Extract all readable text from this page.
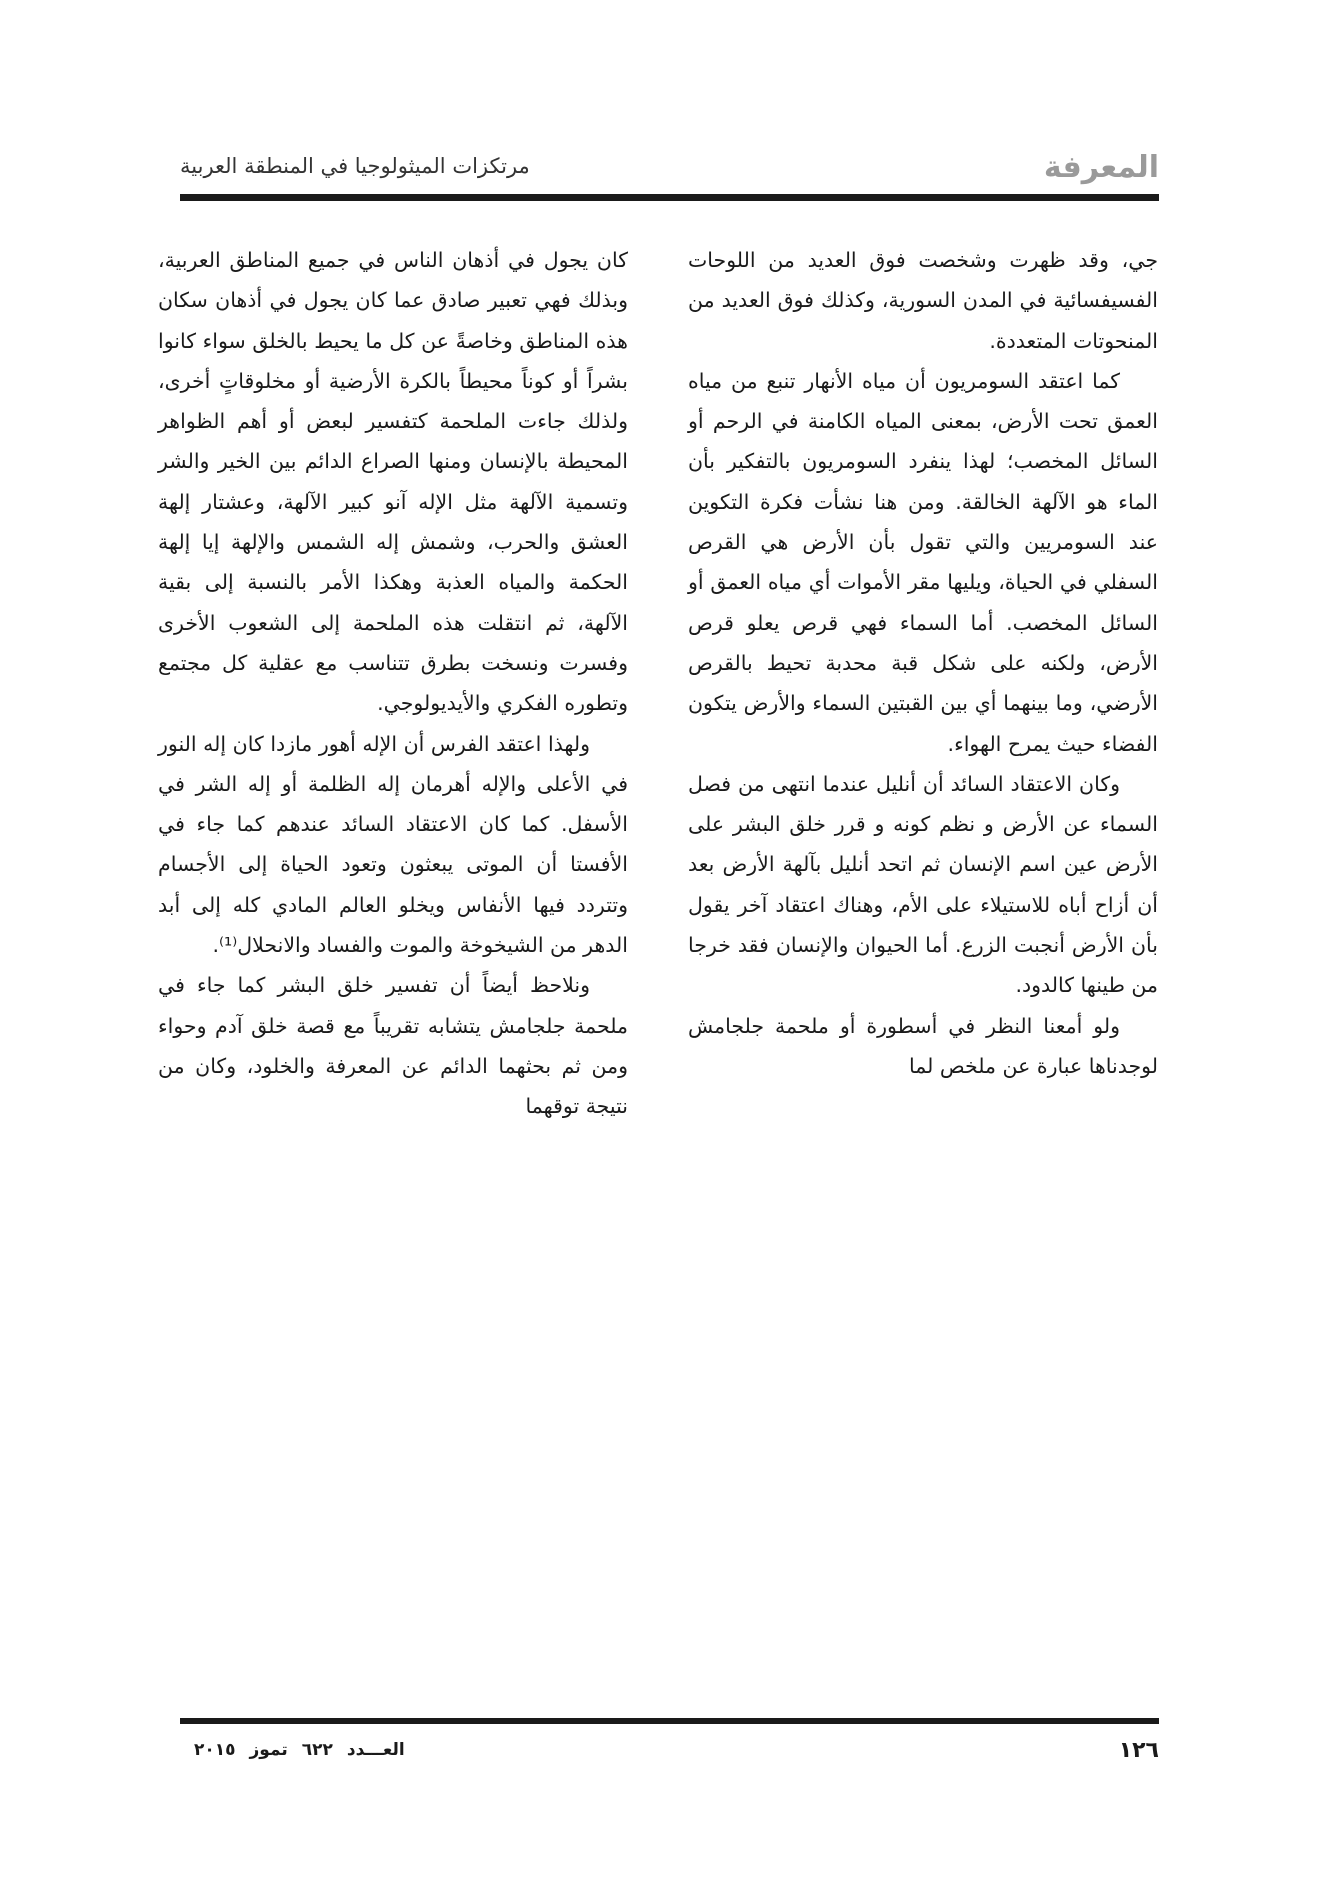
المعرفة
مرتكزات الميثولوجيا في المنطقة العربية

جي، وقد ظهرت وشخصت فوق العديد من اللوحات الفسيفسائية في المدن السورية، وكذلك فوق العديد من المنحوتات المتعددة.

كما اعتقد السومريون أن مياه الأنهار تنبع من مياه العمق تحت الأرض، بمعنى المياه الكامنة في الرحم أو السائل المخصب؛ لهذا ينفرد السومريون بالتفكير بأن الماء هو الآلهة الخالقة. ومن هنا نشأت فكرة التكوين عند السومريين والتي تقول بأن الأرض هي القرص السفلي في الحياة، ويليها مقر الأموات أي مياه العمق أو السائل المخصب. أما السماء فهي قرص يعلو قرص الأرض، ولكنه على شكل قبة محدبة تحيط بالقرص الأرضي، وما بينهما أي بين القبتين السماء والأرض يتكون الفضاء حيث يمرح الهواء.

وكان الاعتقاد السائد أن أنليل عندما انتهى من فصل السماء عن الأرض و نظم كونه و قرر خلق البشر على الأرض عين اسم الإنسان ثم اتحد أنليل بآلهة الأرض بعد أن أزاح أباه للاستيلاء على الأم، وهناك اعتقاد آخر يقول بأن الأرض أنجبت الزرع. أما الحيوان والإنسان فقد خرجا من طينها كالدود.

ولو أمعنا النظر في أسطورة أو ملحمة جلجامش لوجدناها عبارة عن ملخص لما

كان يجول في أذهان الناس في جميع المناطق العربية، وبذلك فهي تعبير صادق عما كان يجول في أذهان سكان هذه المناطق وخاصةً عن كل ما يحيط بالخلق سواء كانوا بشراً أو كوناً محيطاً بالكرة الأرضية أو مخلوقاتٍ أخرى، ولذلك جاءت الملحمة كتفسير لبعض أو أهم الظواهر المحيطة بالإنسان ومنها الصراع الدائم بين الخير والشر وتسمية الآلهة مثل الإله آنو كبير الآلهة، وعشتار إلهة العشق والحرب، وشمش إله الشمس والإلهة إيا إلهة الحكمة والمياه العذبة وهكذا الأمر بالنسبة إلى بقية الآلهة، ثم انتقلت هذه الملحمة إلى الشعوب الأخرى وفسرت ونسخت بطرق تتناسب مع عقلية كل مجتمع وتطوره الفكري والأيديولوجي.

ولهذا اعتقد الفرس أن الإله أهور مازدا كان إله النور في الأعلى والإله أهرمان إله الظلمة أو إله الشر في الأسفل. كما كان الاعتقاد السائد عندهم كما جاء في الأفستا أن الموتى يبعثون وتعود الحياة إلى الأجسام وتتردد فيها الأنفاس ويخلو العالم المادي كله إلى أبد الدهر من الشيخوخة والموت والفساد والانحلال⁽¹⁾.

ونلاحظ أيضاً أن تفسير خلق البشر كما جاء في ملحمة جلجامش يتشابه تقريباً مع قصة خلق آدم وحواء ومن ثم بحثهما الدائم عن المعرفة والخلود، وكان من نتيجة توقهما

١٢٦
العـــدد٦٢٢تموز٢٠١٥
